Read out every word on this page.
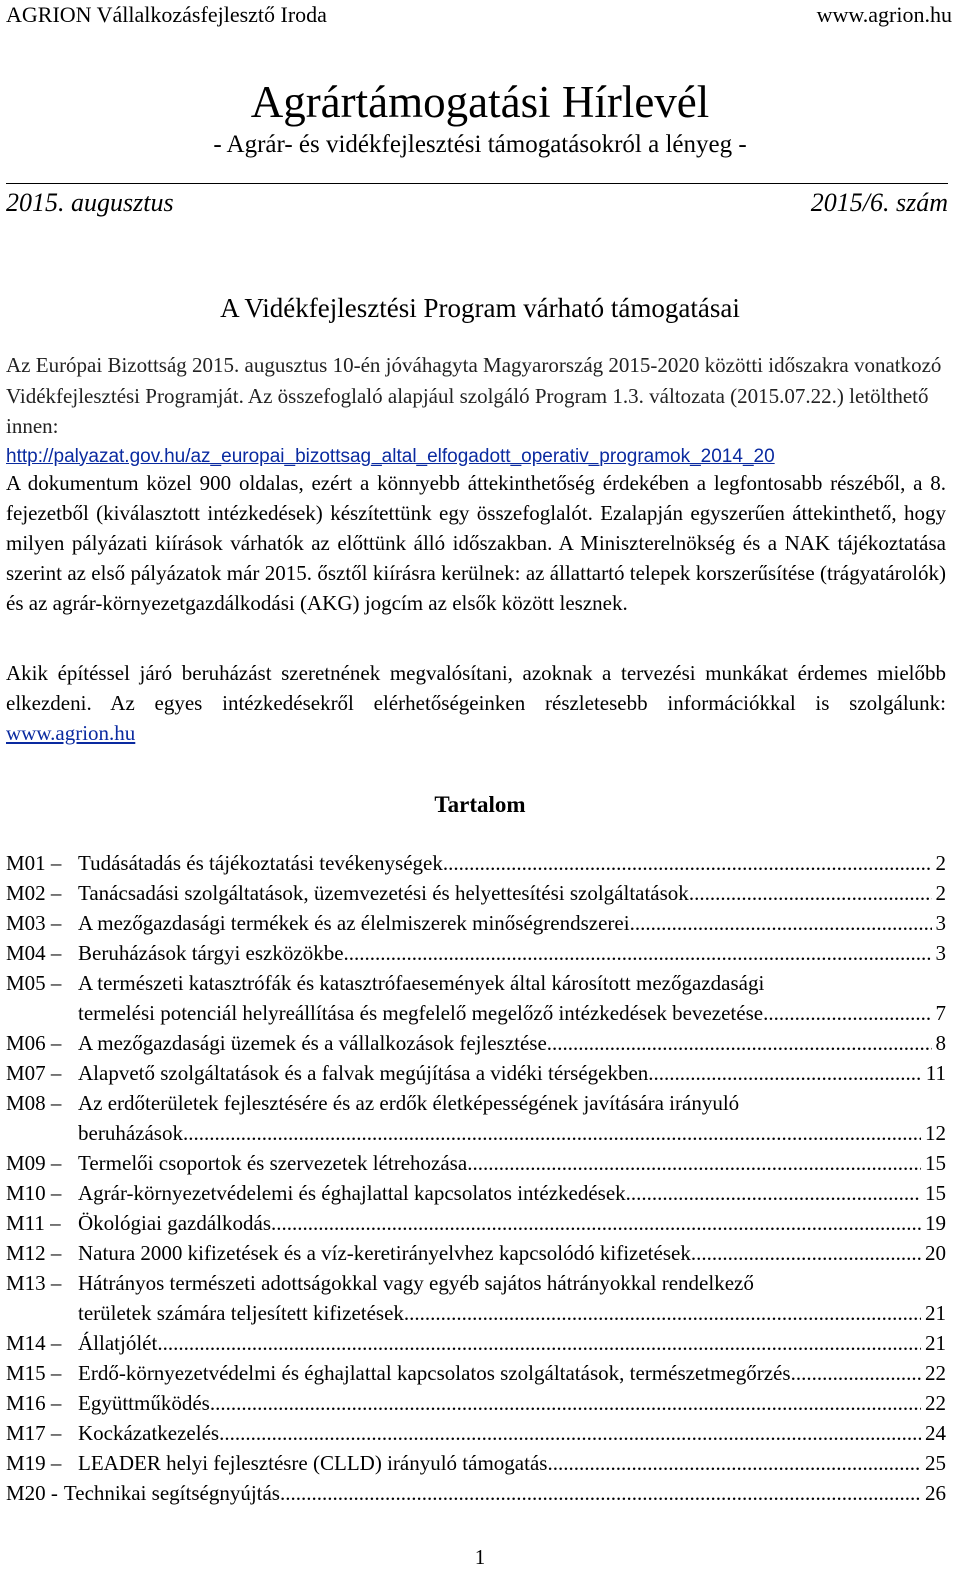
AGRION Vállalkozásfejlesztő Iroda	www.agrion.hu
Agrártámogatási Hírlevél
- Agrár- és vidékfejlesztési támogatásokról a lényeg -
2015. augusztus	2015/6. szám
A Vidékfejlesztési Program várható támogatásai
Az Európai Bizottság 2015. augusztus 10-én jóváhagyta Magyarország 2015-2020 közötti időszakra vonatkozó Vidékfejlesztési Programját. Az összefoglaló alapjául szolgáló Program 1.3. változata (2015.07.22.) letölthető innen:
http://palyazat.gov.hu/az_europai_bizottsag_altal_elfogadott_operativ_programok_2014_20
A dokumentum közel 900 oldalas, ezért a könnyebb áttekinthetőség érdekében a legfontosabb részéből, a 8. fejezetből (kiválasztott intézkedések) készítettünk egy összefoglalót. Ezalapján egyszerűen áttekinthető, hogy milyen pályázati kiírások várhatók az előttünk álló időszakban. A Miniszterelnökség és a NAK tájékoztatása szerint az első pályázatok már 2015. ősztől kiírásra kerülnek: az állattartó telepek korszerűsítése (trágyatárolók) és az agrár-környezetgazdálkodási (AKG) jogcím az elsők között lesznek.
Akik építéssel járó beruházást szeretnének megvalósítani, azoknak a tervezési munkákat érdemes mielőbb elkezdeni. Az egyes intézkedésekről elérhetőségeinken részletesebb információkkal is szolgálunk: www.agrion.hu
Tartalom
M01 – Tudásátadás és tájékoztatási tevékenységek .....	2
M02 – Tanácsadási szolgáltatások, üzemvezetési és helyettesítési szolgáltatások .....	2
M03 – A mezőgazdasági termékek és az élelmiszerek minőségrendszerei .....	3
M04 – Beruházások tárgyi eszközökbe .....	3
M05 – A természeti katasztrófák és katasztrófaesemények által károsított mezőgazdasági
termelési potenciál helyreállítása és megfelelő megelőző intézkedések bevezetése .....	7
M06 – A mezőgazdasági üzemek és a vállalkozások fejlesztése .....	8
M07 – Alapvető szolgáltatások és a falvak megújítása a vidéki térségekben .....	11
M08 – Az erdőterületek fejlesztésére és az erdők életképességének javítására irányuló
beruházások .....	12
M09 – Termelői csoportok és szervezetek létrehozása .....	15
M10 – Agrár-környezetvédelemi és éghajlattal kapcsolatos intézkedések .....	15
M11 – Ökológiai gazdálkodás .....	19
M12 – Natura 2000 kifizetések és a víz-keretirányelvhez kapcsolódó kifizetések .....	20
M13 – Hátrányos természeti adottságokkal vagy egyéb sajátos hátrányokkal rendelkező
területek számára teljesített kifizetések .....	21
M14 – Állatjólét .....	21
M15 – Erdő-környezetvédelmi és éghajlattal kapcsolatos szolgáltatások, természetmegőrzés .....	22
M16 – Együttműködés .....	22
M17 – Kockázatkezelés .....	24
M19 – LEADER helyi fejlesztésre (CLLD) irányuló támogatás .....	25
M20 - Technikai segítségnyújtás .....	26
1
